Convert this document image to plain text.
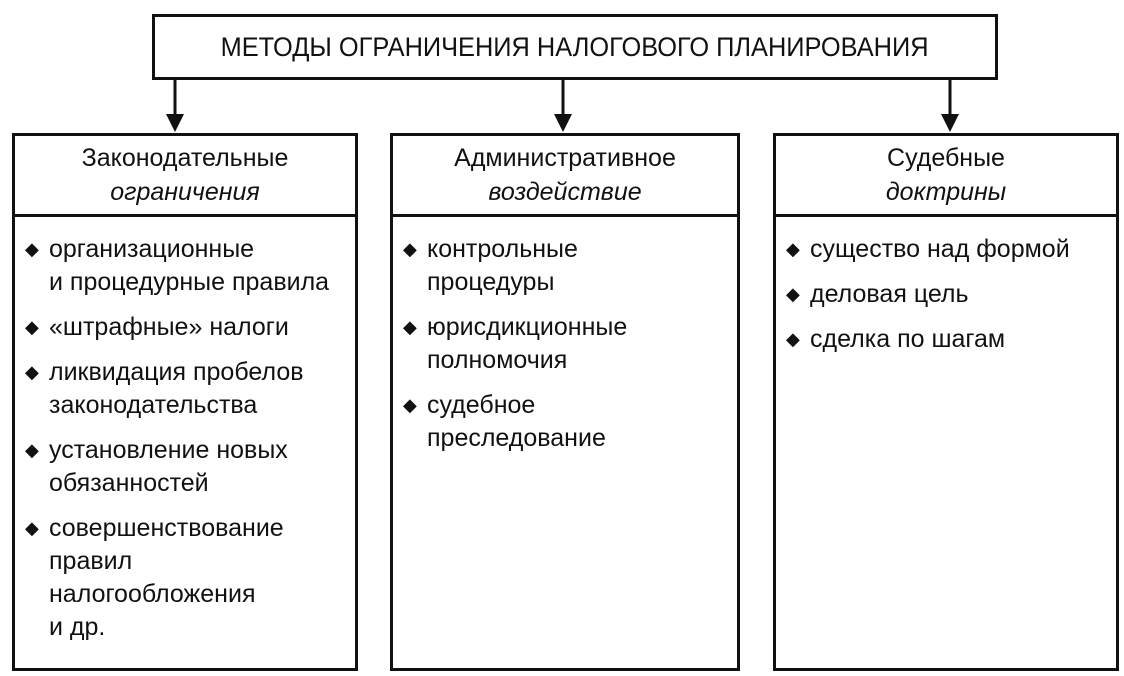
МЕТОДЫ ОГРАНИЧЕНИЯ НАЛОГОВОГО ПЛАНИРОВАНИЯ
Законодательные
ограничения
◆ организационные
и процедурные правила
◆ «штрафные» налоги
◆ ликвидация пробелов
законодательства
◆ установление новых
обязанностей
◆ совершенствование
правил
налогообложения
и др.
Административное
воздействие
◆ контрольные
процедуры
◆ юрисдикционные
полномочия
◆ судебное
преследование
Судебные
доктрины
◆ существо над формой
◆ деловая цель
◆ сделка по шагам
